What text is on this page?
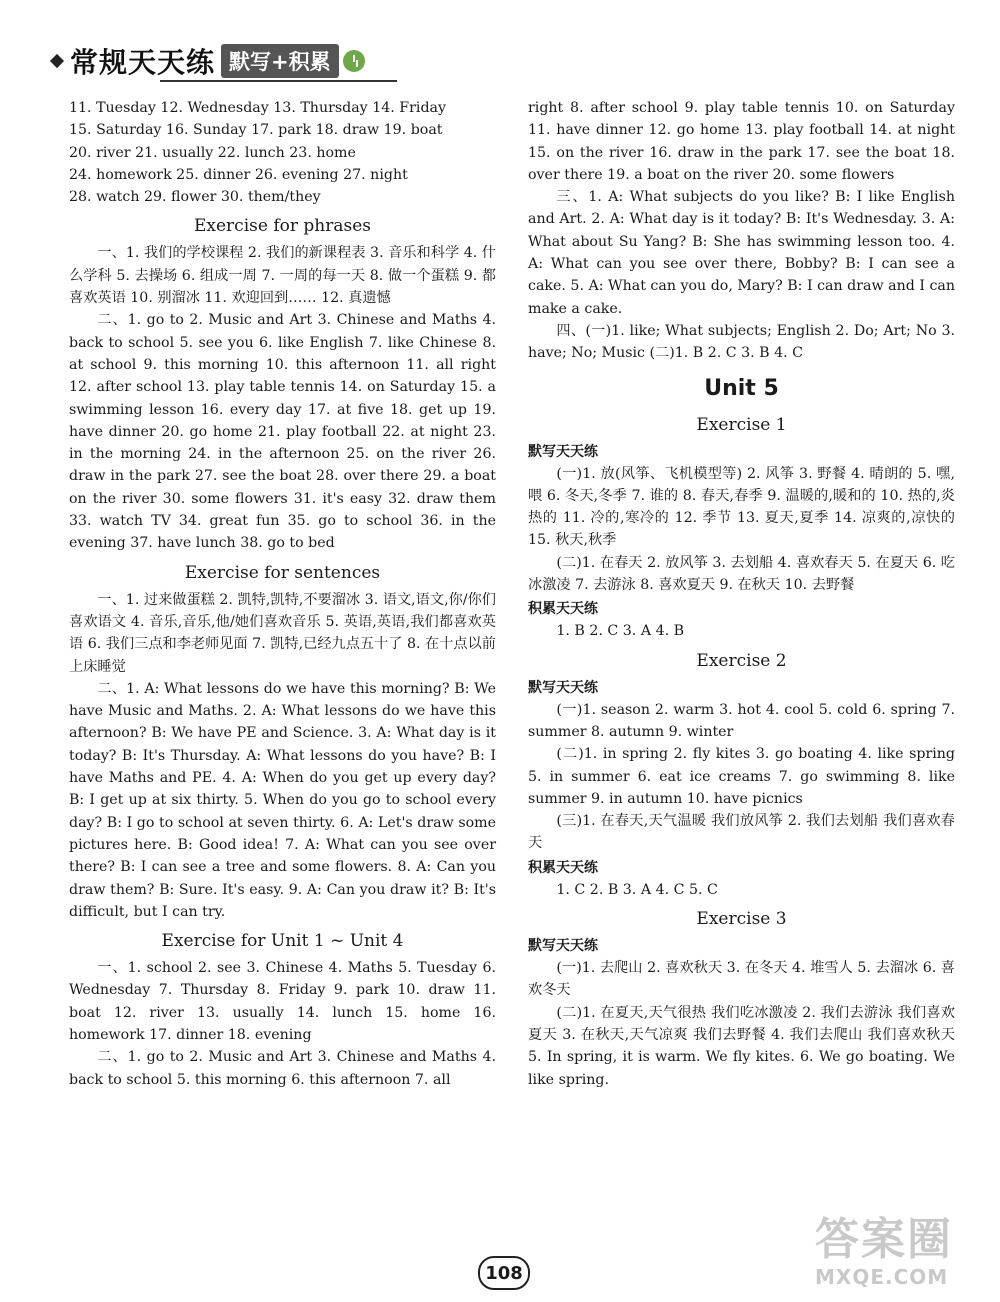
常规天天练 默写+积累

11. Tuesday 12. Wednesday 13. Thursday 14. Friday

15. Saturday 16. Sunday 17. park 18. draw 19. boat

20. river 21. usually 22. lunch 23. home

24. homework 25. dinner 26. evening 27. night

28. watch 29. flower 30. them/they

Exercise for phrases

一、1. 我们的学校课程 2. 我们的新课程表 3. 音乐和科学 4. 什么学科 5. 去操场 6. 组成一周 7. 一周的每一天 8. 做一个蛋糕 9. 都喜欢英语 10. 别溜冰 11. 欢迎回到…… 12. 真遗憾

二、1. go to 2. Music and Art 3. Chinese and Maths 4. back to school 5. see you 6. like English 7. like Chinese 8. at school 9. this morning 10. this afternoon 11. all right 12. after school 13. play table tennis 14. on Saturday 15. a swimming lesson 16. every day 17. at five 18. get up 19. have dinner 20. go home 21. play football 22. at night 23. in the morning 24. in the afternoon 25. on the river 26. draw in the park 27. see the boat 28. over there 29. a boat on the river 30. some flowers 31. it's easy 32. draw them 33. watch TV 34. great fun 35. go to school 36. in the evening 37. have lunch 38. go to bed

Exercise for sentences

一、1. 过来做蛋糕 2. 凯特,凯特,不要溜冰 3. 语文,语文,你/你们喜欢语文 4. 音乐,音乐,他/她们喜欢音乐 5. 英语,英语,我们都喜欢英语 6. 我们三点和李老师见面 7. 凯特,已经九点五十了 8. 在十点以前上床睡觉

二、1. A: What lessons do we have this morning? B: We have Music and Maths. 2. A: What lessons do we have this afternoon? B: We have PE and Science. 3. A: What day is it today? B: It's Thursday. A: What lessons do you have? B: I have Maths and PE. 4. A: When do you get up every day? B: I get up at six thirty. 5. When do you go to school every day? B: I go to school at seven thirty. 6. A: Let's draw some pictures here. B: Good idea! 7. A: What can you see over there? B: I can see a tree and some flowers. 8. A: Can you draw them? B: Sure. It's easy. 9. A: Can you draw it? B: It's difficult, but I can try.

Exercise for Unit 1 ~ Unit 4

一、1. school 2. see 3. Chinese 4. Maths 5. Tuesday 6. Wednesday 7. Thursday 8. Friday 9. park 10. draw 11. boat 12. river 13. usually 14. lunch 15. home 16. homework 17. dinner 18. evening

二、1. go to 2. Music and Art 3. Chinese and Maths 4. back to school 5. this morning 6. this afternoon 7. all

right 8. after school 9. play table tennis 10. on Saturday 11. have dinner 12. go home 13. play football 14. at night 15. on the river 16. draw in the park 17. see the boat 18. over there 19. a boat on the river 20. some flowers

三、1. A: What subjects do you like? B: I like English and Art. 2. A: What day is it today? B: It's Wednesday. 3. A: What about Su Yang? B: She has swimming lesson too. 4. A: What can you see over there, Bobby? B: I can see a cake. 5. A: What can you do, Mary? B: I can draw and I can make a cake.

四、(一)1. like; What subjects; English 2. Do; Art; No 3. have; No; Music (二)1. B 2. C 3. B 4. C

Unit 5
Exercise 1
默写天天练

(一)1. 放(风筝、飞机模型等) 2. 风筝 3. 野餐 4. 晴朗的 5. 嘿,喂 6. 冬天,冬季 7. 谁的 8. 春天,春季 9. 温暖的,暖和的 10. 热的,炎热的 11. 冷的,寒冷的 12. 季节 13. 夏天,夏季 14. 凉爽的,凉快的 15. 秋天,秋季

(二)1. 在春天 2. 放风筝 3. 去划船 4. 喜欢春天 5. 在夏天 6. 吃冰激凌 7. 去游泳 8. 喜欢夏天 9. 在秋天 10. 去野餐

积累天天练

1. B 2. C 3. A 4. B

Exercise 2
默写天天练

(一)1. season 2. warm 3. hot 4. cool 5. cold 6. spring 7. summer 8. autumn 9. winter

(二)1. in spring 2. fly kites 3. go boating 4. like spring 5. in summer 6. eat ice creams 7. go swimming 8. like summer 9. in autumn 10. have picnics

(三)1. 在春天,天气温暖 我们放风筝 2. 我们去划船 我们喜欢春天

积累天天练

1. C 2. B 3. A 4. C 5. C

Exercise 3
默写天天练

(一)1. 去爬山 2. 喜欢秋天 3. 在冬天 4. 堆雪人 5. 去溜冰 6. 喜欢冬天

(二)1. 在夏天,天气很热 我们吃冰激凌 2. 我们去游泳 我们喜欢夏天 3. 在秋天,天气凉爽 我们去野餐 4. 我们去爬山 我们喜欢秋天 5. In spring, it is warm. We fly kites. 6. We go boating. We like spring.

108
答案圈
MXQE.COM
